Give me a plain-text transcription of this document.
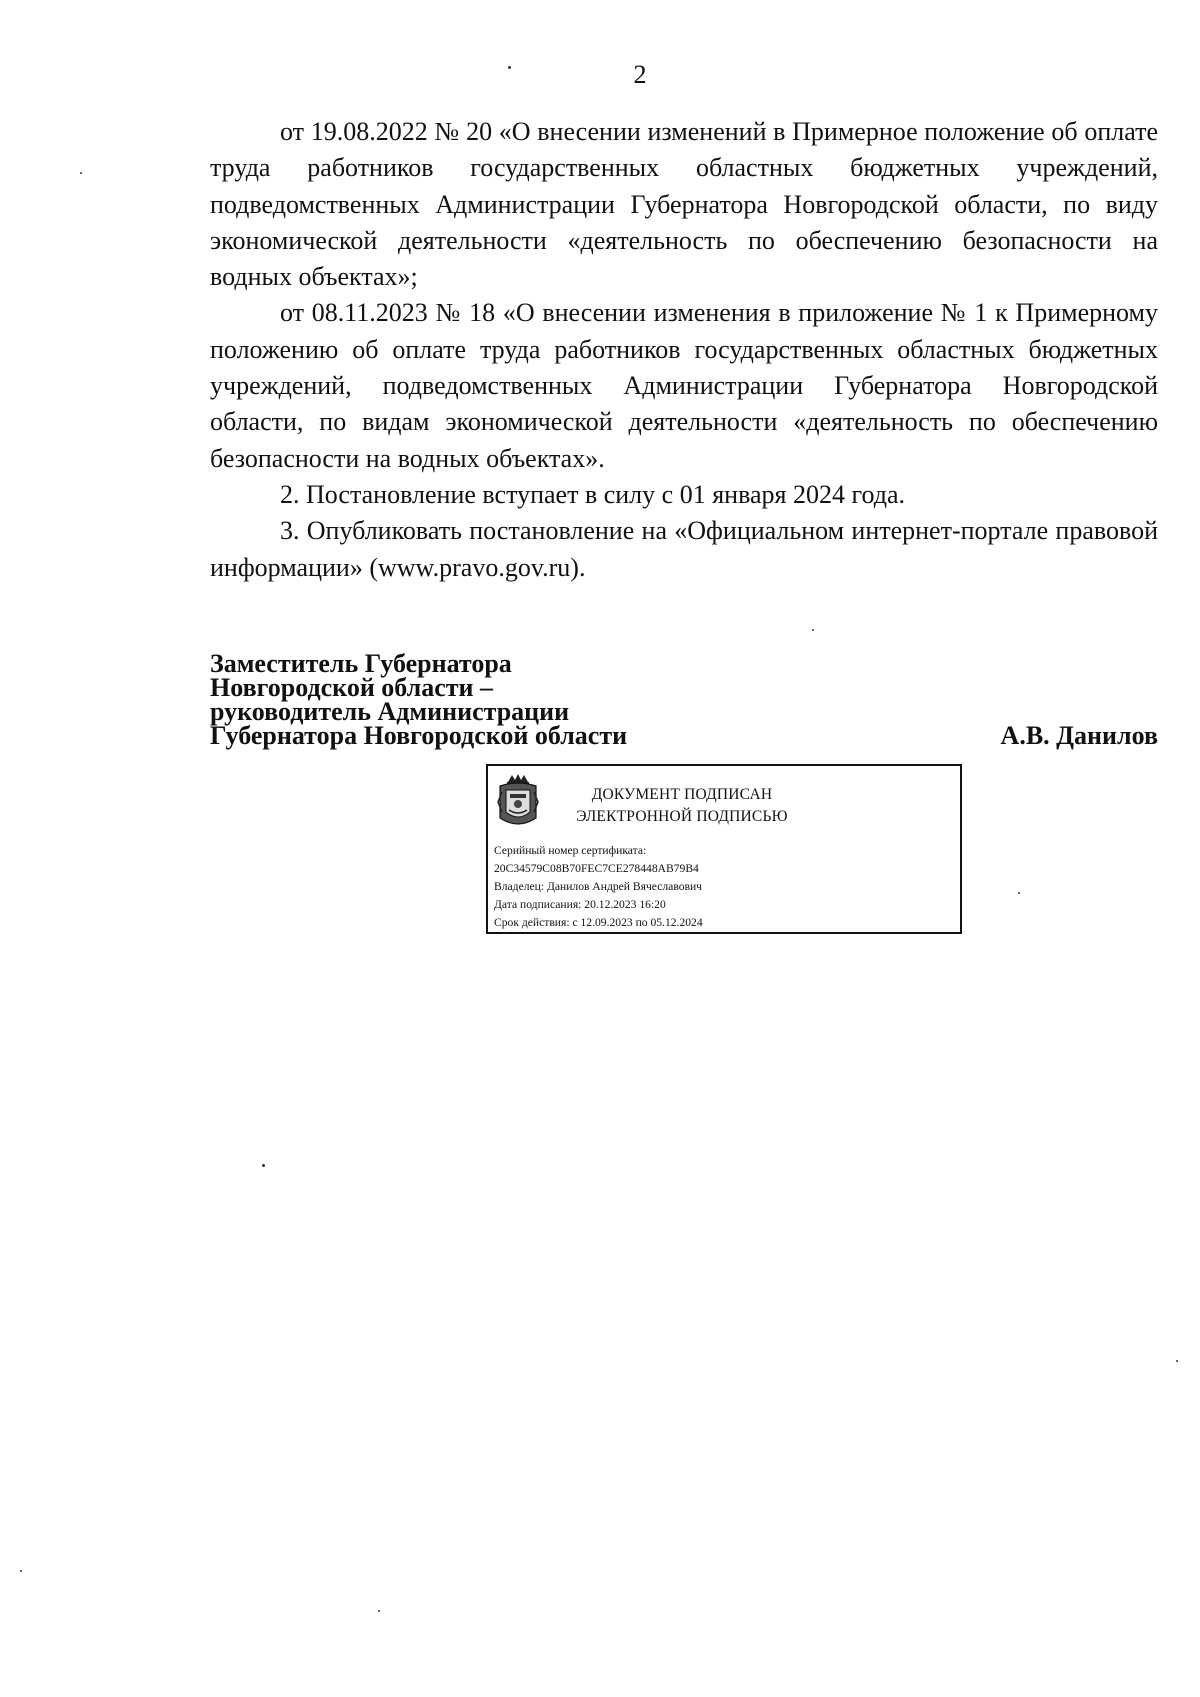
2

от 19.08.2022 № 20 «О внесении изменений в Примерное положение об оплате труда работников государственных областных бюджетных учреждений, подведомственных Администрации Губернатора Новгородской области, по виду экономической деятельности «деятельность по обеспечению безопасности на водных объектах»;

от 08.11.2023 № 18 «О внесении изменения в приложение № 1 к Примерному положению об оплате труда работников государственных областных бюджетных учреждений, подведомственных Администрации Губернатора Новгородской области, по видам экономической деятельности «деятельность по обеспечению безопасности на водных объектах».

2. Постановление вступает в силу с 01 января 2024 года.

3. Опубликовать постановление на «Официальном интернет-портале правовой информации» (www.pravo.gov.ru).

Заместитель Губернатора
Новгородской области –
руководитель Администрации
Губернатора Новгородской области	А.В. Данилов
ДОКУМЕНТ ПОДПИСАН
ЭЛЕКТРОННОЙ ПОДПИСЬЮ
Серийный номер сертификата:
20C34579C08B70FEC7CE278448AB79B4
Владелец: Данилов Андрей Вячеславович
Дата подписания: 20.12.2023 16:20
Срок действия: с 12.09.2023 по 05.12.2024
